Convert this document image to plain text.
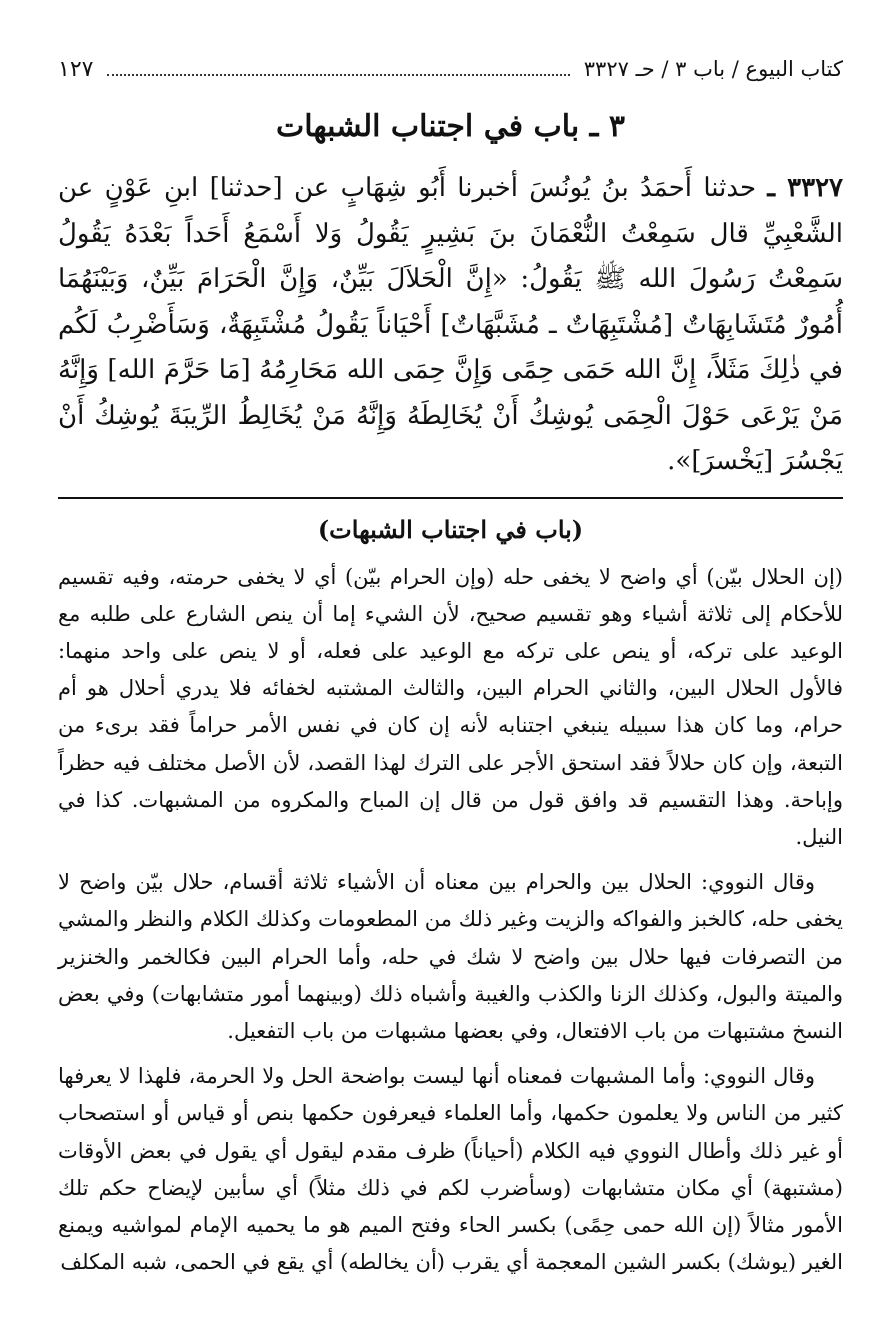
كتاب البيوع / باب ٣ / حـ ٣٣٢٧
١٢٧
٣ ـ باب في اجتناب الشبهات
٣٣٢٧ ـ حدثنا أَحمَدُ بنُ يُونُسَ أخبرنا أَبُو شِهَابٍ عن [حدثنا] ابنِ عَوْنٍ عن الشَّعْبِيِّ قال سَمِعْتُ النُّعْمَانَ بنَ بَشِيرٍ يَقُولُ وَلا أَسْمَعُ أَحَداً بَعْدَهُ يَقُولُ سَمِعْتُ رَسُولَ الله ﷺ يَقُولُ: «إِنَّ الْحَلاَلَ بَيِّنٌ، وَإِنَّ الْحَرَامَ بَيِّنٌ، وَبَيْنَهُمَا أُمُورٌ مُتَشَابِهَاتٌ [مُشْتَبِهَاتٌ ـ مُشَبَّهَاتٌ] أَحْيَاناً يَقُولُ مُشْتَبِهَةٌ، وَسَأَضْرِبُ لَكُم في ذٰلِكَ مَثَلاً، إِنَّ الله حَمَى حِمًى وَإِنَّ حِمَى الله مَحَارِمُهُ [مَا حَرَّمَ الله] وَإِنَّهُ مَنْ يَرْعَى حَوْلَ الْحِمَى يُوشِكُ أَنْ يُخَالِطَهُ وَإِنَّهُ مَنْ يُخَالِطُ الرِّيبَةَ يُوشِكُ أَنْ يَجْسُرَ [يَخْسرَ]».
(باب في اجتناب الشبهات)

(إن الحلال بيّن) أي واضح لا يخفى حله (وإن الحرام بيّن) أي لا يخفى حرمته، وفيه تقسيم للأحكام إلى ثلاثة أشياء وهو تقسيم صحيح، لأن الشيء إما أن ينص الشارع على طلبه مع الوعيد على تركه، أو ينص على تركه مع الوعيد على فعله، أو لا ينص على واحد منهما: فالأول الحلال البين، والثاني الحرام البين، والثالث المشتبه لخفائه فلا يدري أحلال هو أم حرام، وما كان هذا سبيله ينبغي اجتنابه لأنه إن كان في نفس الأمر حراماً فقد برىء من التبعة، وإن كان حلالاً فقد استحق الأجر على الترك لهذا القصد، لأن الأصل مختلف فيه حظراً وإباحة. وهذا التقسيم قد وافق قول من قال إن المباح والمكروه من المشبهات. كذا في النيل.

وقال النووي: الحلال بين والحرام بين معناه أن الأشياء ثلاثة أقسام، حلال بيّن واضح لا يخفى حله، كالخبز والفواكه والزيت وغير ذلك من المطعومات وكذلك الكلام والنظر والمشي من التصرفات فيها حلال بين واضح لا شك في حله، وأما الحرام البين فكالخمر والخنزير والميتة والبول، وكذلك الزنا والكذب والغيبة وأشباه ذلك (وبينهما أمور متشابهات) وفي بعض النسخ مشتبهات من باب الافتعال، وفي بعضها مشبهات من باب التفعيل.

وقال النووي: وأما المشبهات فمعناه أنها ليست بواضحة الحل ولا الحرمة، فلهذا لا يعرفها كثير من الناس ولا يعلمون حكمها، وأما العلماء فيعرفون حكمها بنص أو قياس أو استصحاب أو غير ذلك وأطال النووي فيه الكلام (أحياناً) ظرف مقدم ليقول أي يقول في بعض الأوقات (مشتبهة) أي مكان متشابهات (وسأضرب لكم في ذلك مثلاً) أي سأبين لإيضاح حكم تلك الأمور مثالاً (إن الله حمى حِمًى) بكسر الحاء وفتح الميم هو ما يحميه الإمام لمواشيه ويمنع الغير (يوشك) بكسر الشين المعجمة أي يقرب (أن يخالطه) أي يقع في الحمى، شبه المكلف
